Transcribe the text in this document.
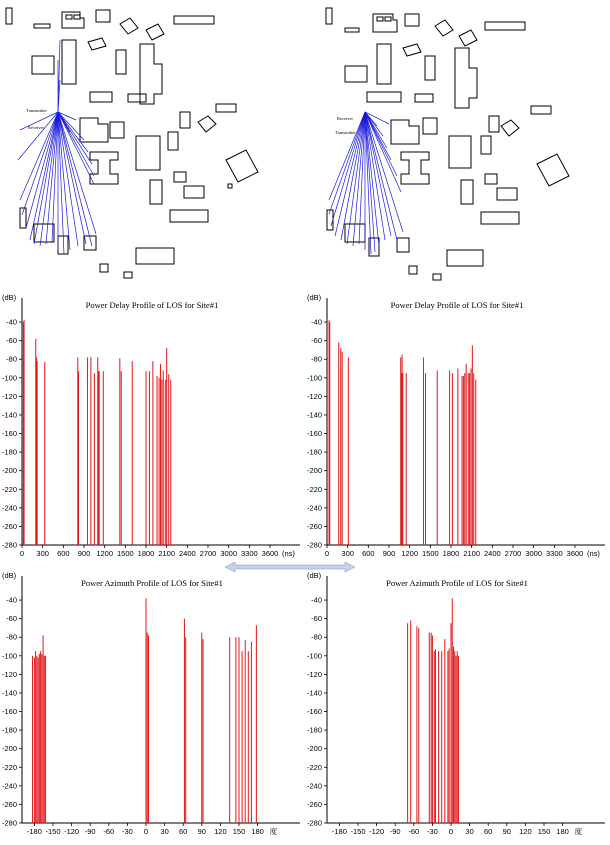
Transmitter
Receiver
Receiver
Transmitter
Power Delay Profile of LOS for Site#1
(dB)
-40
-60
-80
-100
-120
-140
-160
-180
-200
-220
-240
-260
-280
0 300 600 900 1200 1500 1800 2100 2400 2700 3000 3300 3600 (ns)
Power Delay Profile of LOS for Site#1
(dB)
-40
-60
-80
-100
-120
-140
-160
-180
-200
-220
-240
-260
-280
0 300 600 900 1200 1500 1800 2100 2400 2700 3000 3300 3600 (ns)
Power Azimuth Profile of LOS for Site#1
(dB)
-40
-60
-80
-100
-120
-140
-160
-180
-200
-220
-240
-260
-280
-180 -150 -120 -90 -60 -30 0 30 60 90 120 150 180 度
Power Azimuth Profile of LOS for Site#1
(dB)
-40
-60
-80
-100
-120
-140
-160
-180
-200
-220
-240
-260
-280
-180 -150 -120 -90 -60 -30 0 30 60 90 120 150 180 度
